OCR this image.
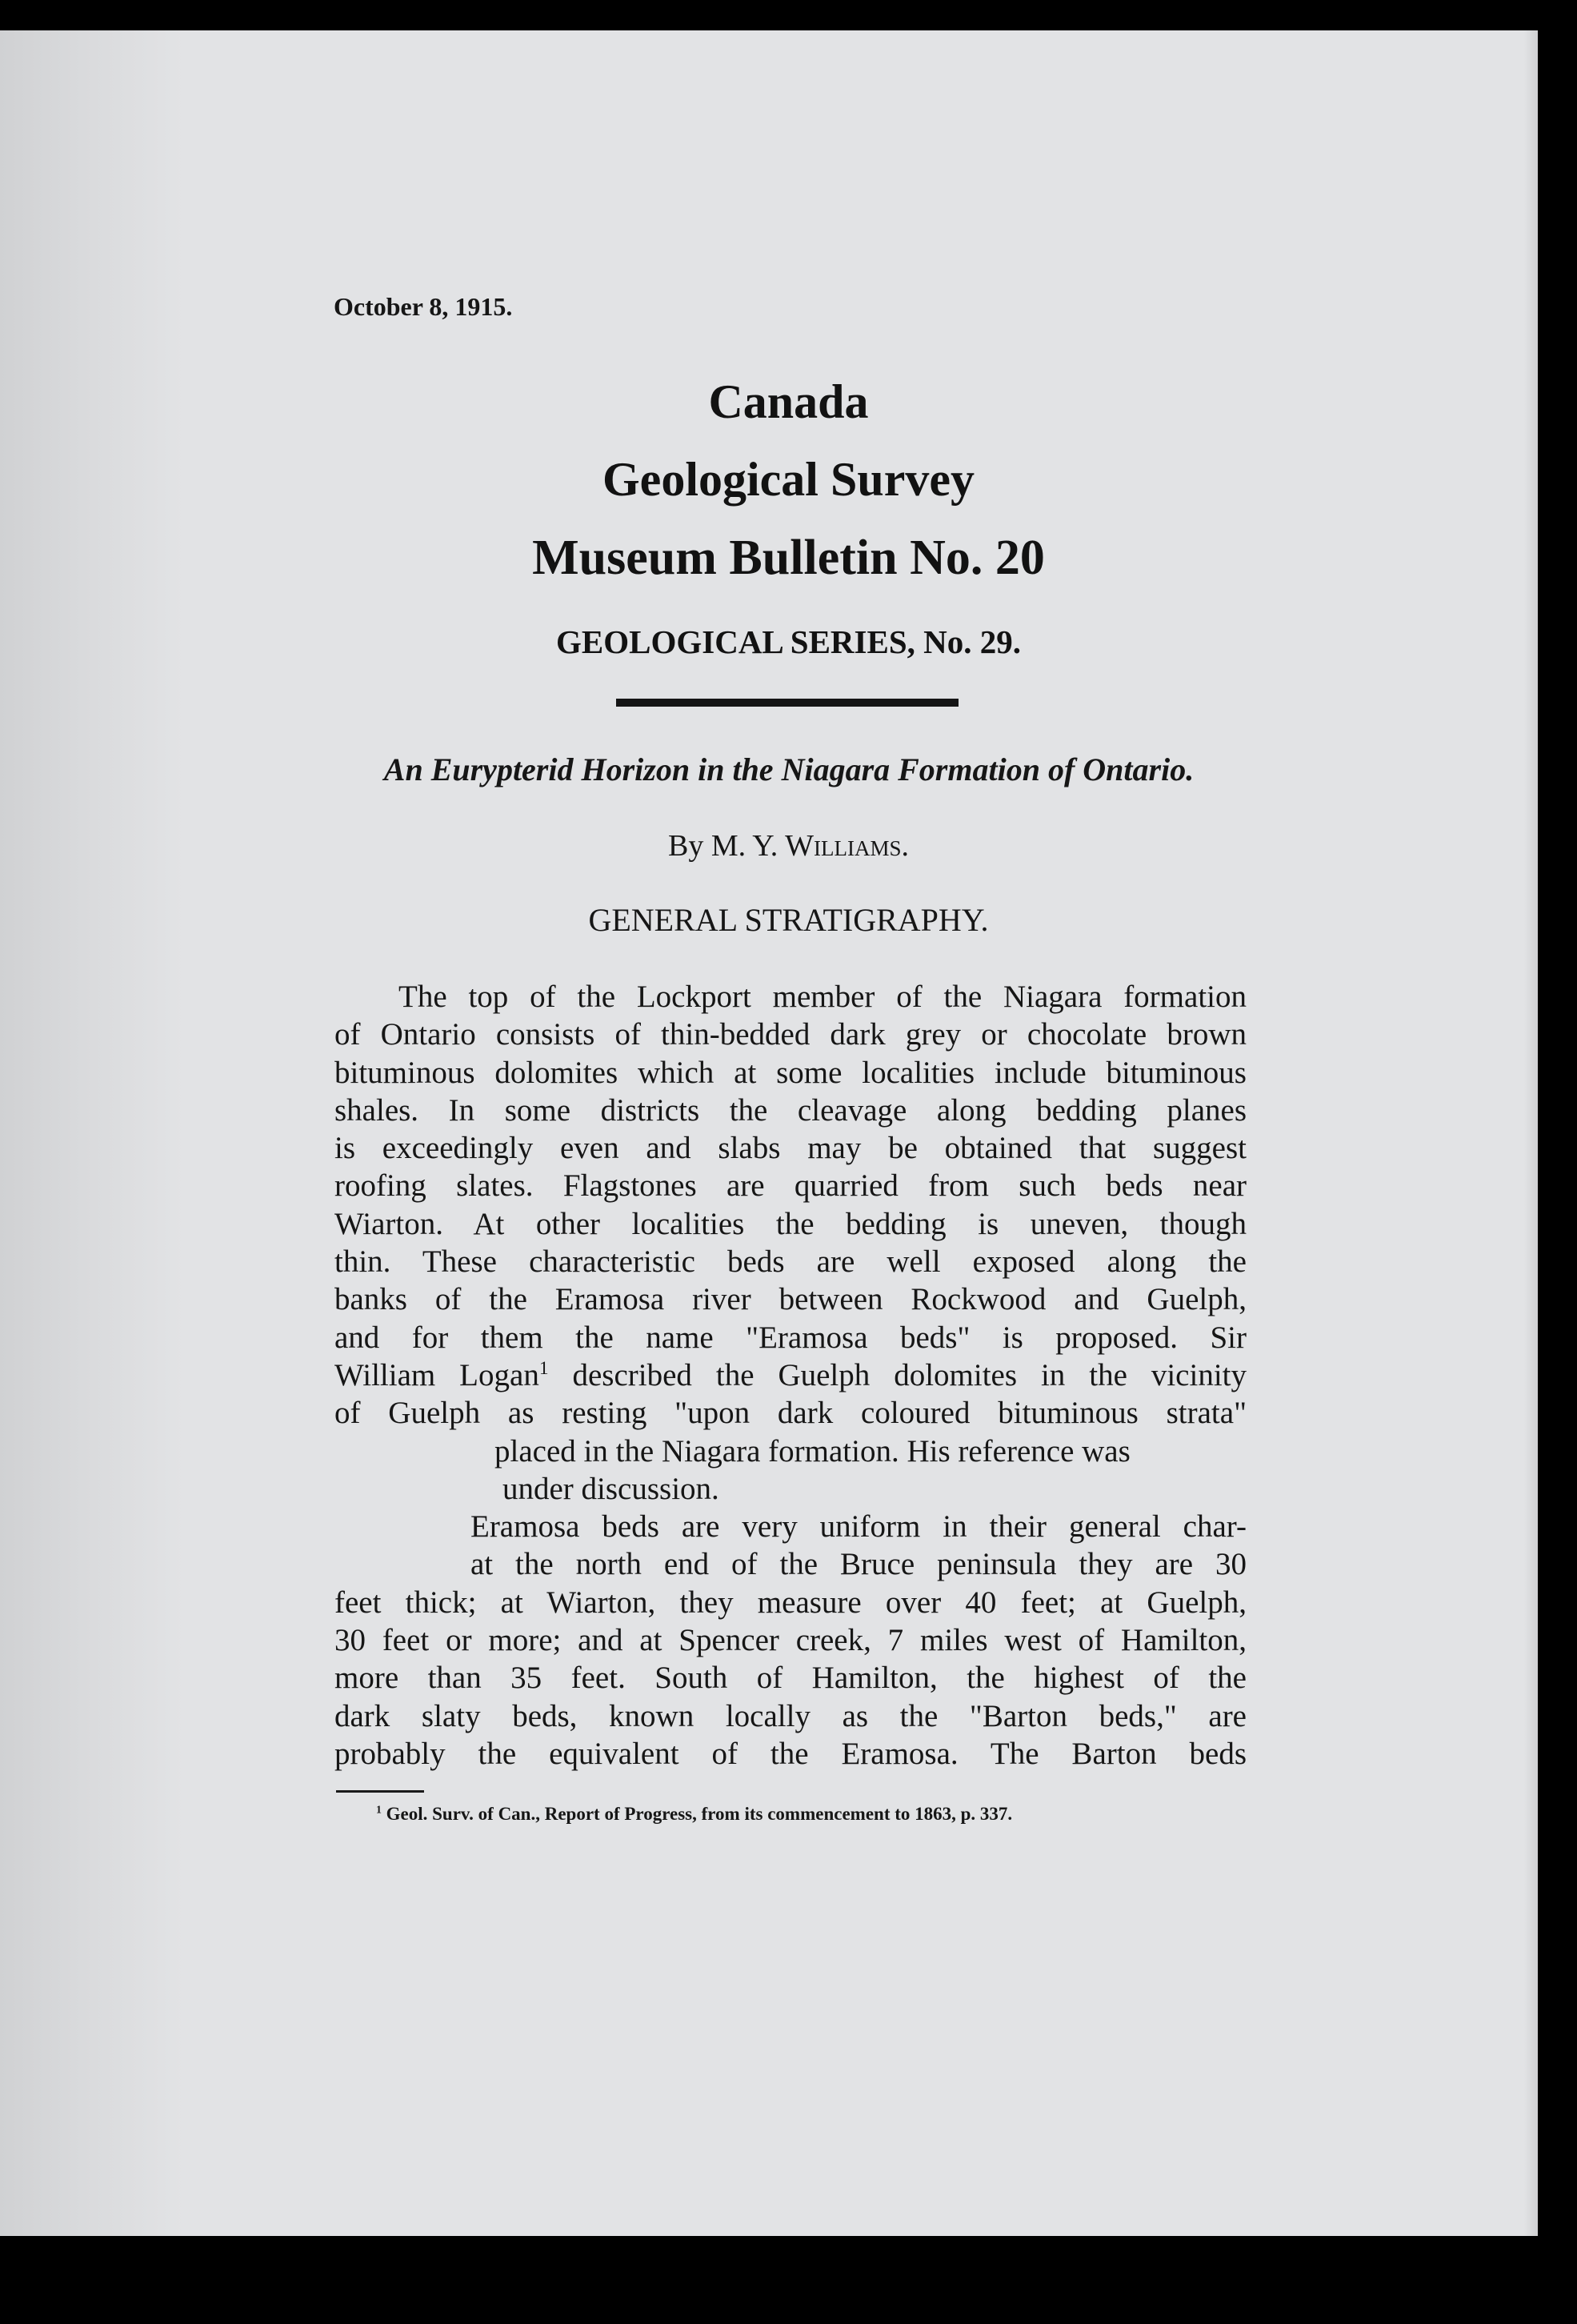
October 8, 1915.
Canada
Geological Survey
Museum Bulletin No. 20
GEOLOGICAL SERIES, No. 29.
An Eurypterid Horizon in the Niagara Formation of Ontario.
By M. Y. Williams.
GENERAL STRATIGRAPHY.
The top of the Lockport member of the Niagara formation
of Ontario consists of thin-bedded dark grey or chocolate brown
bituminous dolomites which at some localities include bituminous
shales. In some districts the cleavage along bedding planes
is exceedingly even and slabs may be obtained that suggest
roofing slates. Flagstones are quarried from such beds near
Wiarton. At other localities the bedding is uneven, though
thin. These characteristic beds are well exposed along the
banks of the Eramosa river between Rockwood and Guelph,
and for them the name "Eramosa beds" is proposed. Sir
William Logan$^1$ described the Guelph dolomites in the vicinity
of Guelph as resting "upon dark coloured bituminous strata"
placed in the Niagara formation. His reference was
under discussion.
Eramosa beds are very uniform in their general char-
at the north end of the Bruce peninsula they are 30
feet thick; at Wiarton, they measure over 40 feet; at Guelph,
30 feet or more; and at Spencer creek, 7 miles west of Hamilton,
more than 35 feet. South of Hamilton, the highest of the
dark slaty beds, known locally as the "Barton beds," are
probably the equivalent of the Eramosa. The Barton beds
$^1$ Geol. Surv. of Can., Report of Progress, from its commencement to 1863, p. 337.
